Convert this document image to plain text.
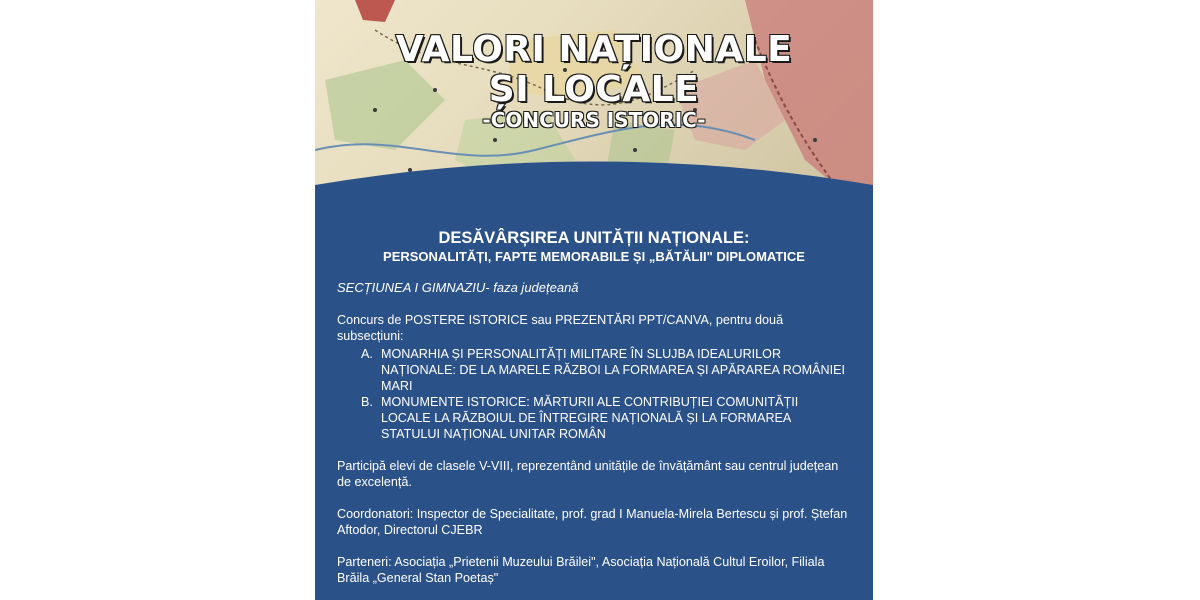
VALORI NAȚIONALE
ȘI LOCALE
-CONCURS ISTORIC-
DESĂVÂRȘIREA UNITĂȚII NAȚIONALE:
PERSONALITĂȚI, FAPTE MEMORABILE ȘI „BĂTĂLII" DIPLOMATICE
SECȚIUNEA I GIMNAZIU- faza județeană

Concurs de POSTERE ISTORICE sau PREZENTĂRI PPT/CANVA, pentru două subsecțiuni:

A. MONARHIA ȘI PERSONALITĂȚI MILITARE ÎN SLUJBA IDEALURILOR NAȚIONALE: DE LA MARELE RĂZBOI LA FORMAREA ȘI APĂRAREA ROMÂNIEI MARI
B. MONUMENTE ISTORICE: MĂRTURII ALE CONTRIBUȚIEI COMUNITĂȚII LOCALE LA RĂZBOIUL DE ÎNTREGIRE NAȚIONALĂ ȘI LA FORMAREA STATULUI NAȚIONAL UNITAR ROMÂN

Participă elevi de clasele V-VIII, reprezentând unitățile de învățământ sau centrul județean de excelență.

Coordonatori: Inspector de Specialitate, prof. grad I Manuela-Mirela Bertescu și prof. Ștefan Aftodor, Directorul CJEBR

Parteneri: Asociația „Prietenii Muzeului Brăilei", Asociația Națională Cultul Eroilor, Filiala Brăila „General Stan Poetaș"
